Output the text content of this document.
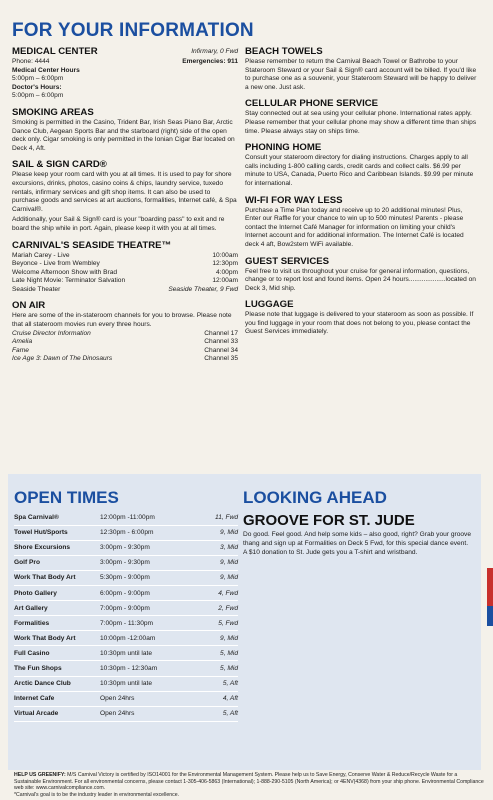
FOR YOUR INFORMATION
MEDICAL CENTER	Infirmary, 0 Fwd
Phone: 4444	Emergencies: 911

Medical Center Hours

5:00pm – 6:00pm

Doctor's Hours:

5:00pm – 6:00pm

SMOKING AREAS

Smoking is permitted in the Casino, Trident Bar, Irish Seas Piano Bar, Arctic Dance Club, Aegean Sports Bar and the starboard (right) side of the open deck only. Cigar smoking is only permitted in the Ionian Cigar Bar located on Deck 4, Aft.

SAIL & SIGN CARD®

Please keep your room card with you at all times. It is used to pay for shore excursions, drinks, photos, casino coins & chips, laundry service, tuxedo rentals, infirmary services and gift shop items. It can also be used to purchase goods and services at art auctions, formalities, Internet café, & Spa Carnival®.

Additionally, your Sail & Sign® card is your "boarding pass" to exit and re board the ship while in port. Again, please keep it with you at all times.

CARNIVAL'S SEASIDE THEATRE™
Mariah Carey - Live	10:00am
Beyonce - Live from Wembley	12:30pm
Welcome Afternoon Show with Brad	4:00pm
Late Night Movie: Terminator Salvation	12:00am
Seaside Theater	Seaside Theater, 9 Fwd
ON AIR

Here are some of the in-stateroom channels for you to browse. Please note that all stateroom movies run every three hours.

Cruise Director Information	Channel 17
Amelia	Channel 33
Fame	Channel 34
Ice Age 3: Dawn of The Dinosaurs	Channel 35
BEACH TOWELS

Please remember to return the Carnival Beach Towel or Bathrobe to your Stateroom Steward or your Sail & Sign® card account will be billed. If you'd like to purchase one as a souvenir, your Stateroom Steward will be happy to deliver a new one. Just ask.

CELLULAR PHONE SERVICE

Stay connected out at sea using your cellular phone. International rates apply. Please remember that your cellular phone may show a different time than ships time. Please always stay on ships time.

PHONING HOME

Consult your stateroom directory for dialing instructions. Charges apply to all calls including 1-800 calling cards, credit cards and collect calls. $6.99 per minute to USA, Canada, Puerto Rico and Caribbean Islands. $9.99 per minute for international.

WI-FI FOR WAY LESS

Purchase a Time Plan today and receive up to 20 additional minutes! Plus, Enter our Raffle for your chance to win up to 500 minutes! Parents - please contact the Internet Café Manager for information on limiting your child's Internet account and for additional information. The Internet Café is located deck 4 aft, Bow2stern WiFi available.

GUEST SERVICES

Feel free to visit us throughout your cruise for general information, questions, change or to report lost and found items. Open 24 hours....................located on Deck 3, Mid ship.

LUGGAGE

Please note that luggage is delivered to your stateroom as soon as possible. If you find luggage in your room that does not belong to you, please contact the Guest Services immediately.

OPEN TIMES
Spa Carnival®	12:00pm -11:00pm	11, Fwd
Towel Hut/Sports	12:30pm - 6:00pm	9, Mid
Shore Excursions	3:00pm - 9:30pm	3, Mid
Golf Pro	3:00pm - 9:30pm	9, Mid
Work That Body Art	5:30pm - 9:00pm	9, Mid
Photo Gallery	6:00pm - 9:00pm	4, Fwd
Art Gallery	7:00pm - 9:00pm	2, Fwd
Formalities	7:00pm - 11:30pm	5, Fwd
Work That Body Art	10:00pm -12:00am	9, Mid
Full Casino	10:30pm until late	5, Mid
The Fun Shops	10:30pm - 12:30am	5, Mid
Arctic Dance Club	10:30pm until late	5, Aft
Internet Cafe	Open 24hrs	4, Aft
Virtual Arcade	Open 24hrs	5, Aft
LOOKING AHEAD
GROOVE FOR ST. JUDE

Do good. Feel good. And help some kids – also good, right? Grab your groove thang and sign up at Formalities on Deck 5 Fwd, for this special dance event. A $10 donation to St. Jude gets you a T-shirt and wristband.

HELP US GREENIFY: M/S Carnival Victory is certified by ISO14001 for the Environmental Management System. Please help us to Save Energy, Conserve Water & Reduce/Recycle Waste for a Sustainable Environment. For all environmental concerns, please contact 1-305-406-5863 (International); 1-888-290-5105 (North America); or 4ENV(4368) from your ship phone. Environmental Compliance web site: www.carnivalcompliance.com.

*Carnival's goal is to be the industry leader in environmental excellence.
